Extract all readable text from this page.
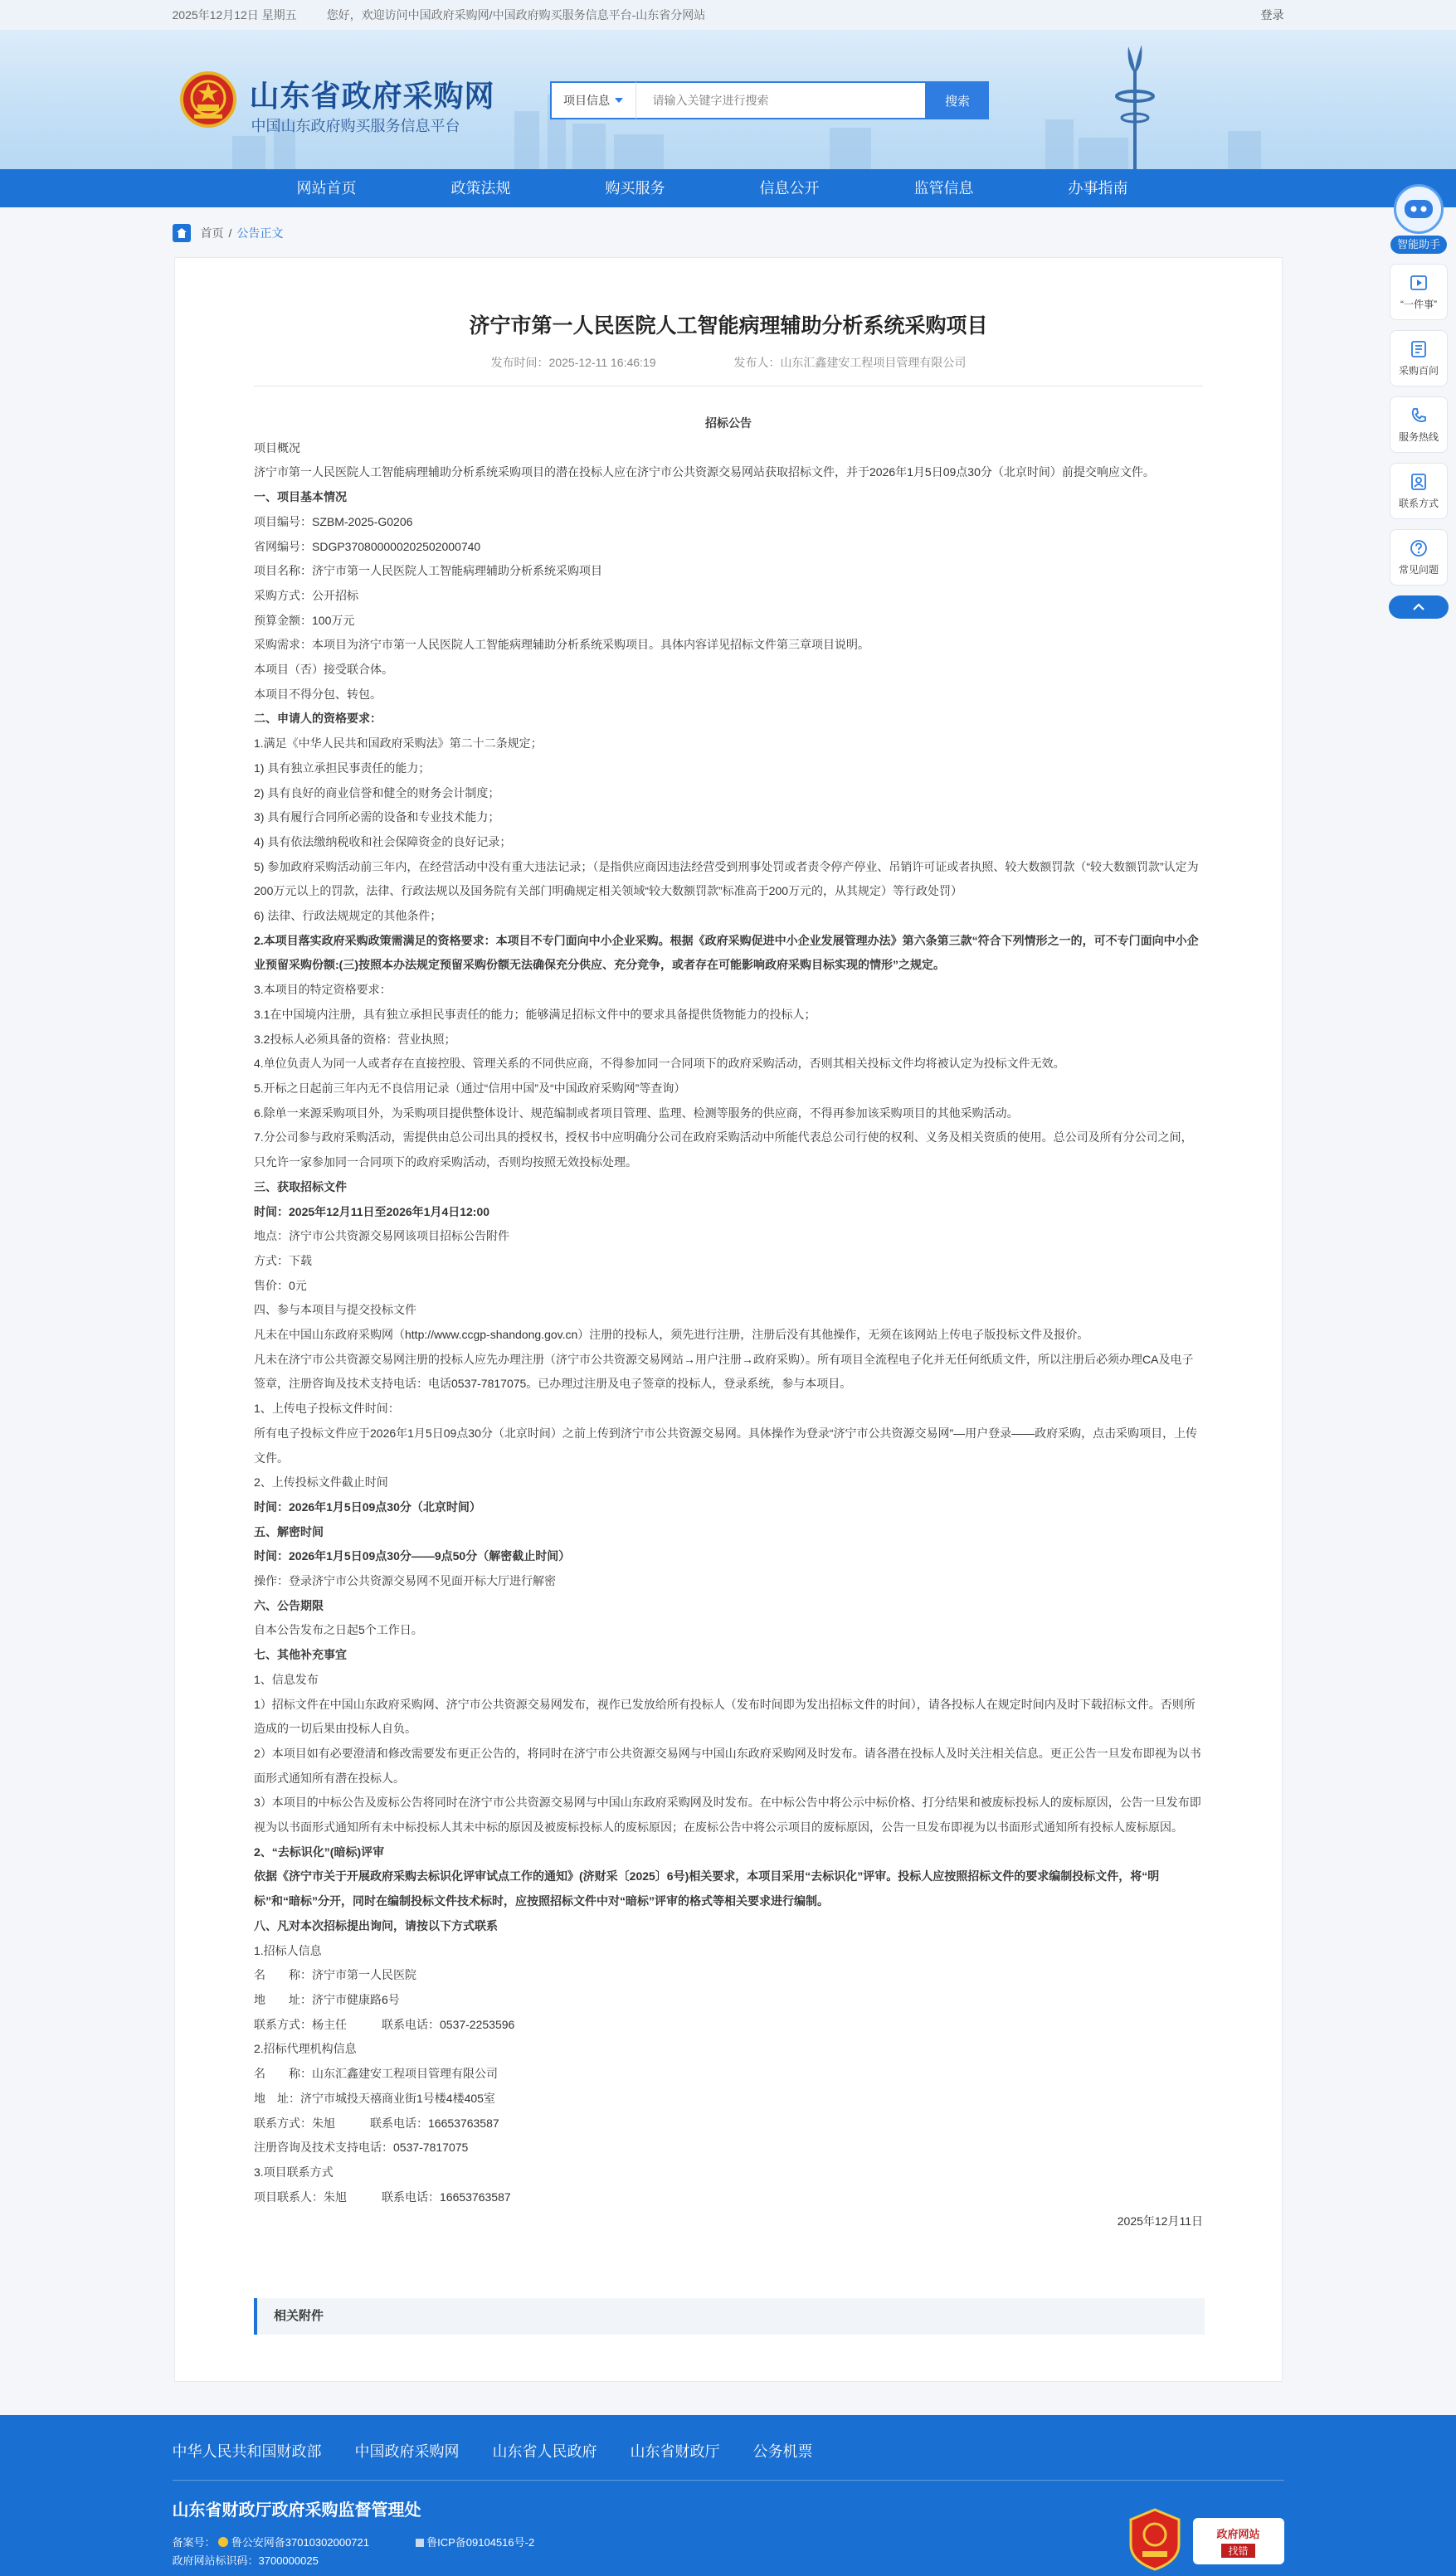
2025年12月12日 星期五	您好，欢迎访问中国政府采购网/中国政府购买服务信息平台-山东省分网站	登录
山东省政府采购网
中国山东政府购买服务信息平台
项目信息
请输入关键字进行搜索	搜索
网站首页	政策法规	购买服务	信息公开	监管信息	办事指南
首页 / 公告正文
济宁市第一人民医院人工智能病理辅助分析系统采购项目
发布时间：2025-12-11 16:46:19	发布人：山东汇鑫建安工程项目管理有限公司

招标公告

项目概况

济宁市第一人民医院人工智能病理辅助分析系统采购项目的潜在投标人应在济宁市公共资源交易网站获取招标文件，并于2026年1月5日09点30分（北京时间）前提交响应文件。

一、项目基本情况

项目编号：SZBM-2025-G0206

省网编号：SDGP370800000202502000740

项目名称：济宁市第一人民医院人工智能病理辅助分析系统采购项目

采购方式：公开招标

预算金额：100万元

采购需求：本项目为济宁市第一人民医院人工智能病理辅助分析系统采购项目。具体内容详见招标文件第三章项目说明。

本项目（否）接受联合体。

本项目不得分包、转包。

二、申请人的资格要求：

1.满足《中华人民共和国政府采购法》第二十二条规定；

1) 具有独立承担民事责任的能力；

2) 具有良好的商业信誉和健全的财务会计制度；

3) 具有履行合同所必需的设备和专业技术能力；

4) 具有依法缴纳税收和社会保障资金的良好记录；

5) 参加政府采购活动前三年内，在经营活动中没有重大违法记录；（是指供应商因违法经营受到刑事处罚或者责令停产停业、吊销许可证或者执照、较大数额罚款（“较大数额罚款”认定为200万元以上的罚款，法律、行政法规以及国务院有关部门明确规定相关领域“较大数额罚款”标准高于200万元的，从其规定）等行政处罚）

6) 法律、行政法规规定的其他条件；

2.本项目落实政府采购政策需满足的资格要求：本项目不专门面向中小企业采购。根据《政府采购促进中小企业发展管理办法》第六条第三款“符合下列情形之一的，可不专门面向中小企业预留采购份额:(三)按照本办法规定预留采购份额无法确保充分供应、充分竞争，或者存在可能影响政府采购目标实现的情形”之规定。

3.本项目的特定资格要求：

3.1在中国境内注册，具有独立承担民事责任的能力；能够满足招标文件中的要求具备提供货物能力的投标人；

3.2投标人必须具备的资格：营业执照；

4.单位负责人为同一人或者存在直接控股、管理关系的不同供应商，不得参加同一合同项下的政府采购活动，否则其相关投标文件均将被认定为投标文件无效。

5.开标之日起前三年内无不良信用记录（通过“信用中国”及“中国政府采购网”等查询）

6.除单一来源采购项目外，为采购项目提供整体设计、规范编制或者项目管理、监理、检测等服务的供应商，不得再参加该采购项目的其他采购活动。

7.分公司参与政府采购活动，需提供由总公司出具的授权书，授权书中应明确分公司在政府采购活动中所能代表总公司行使的权利、义务及相关资质的使用。总公司及所有分公司之间，只允许一家参加同一合同项下的政府采购活动，否则均按照无效投标处理。

三、获取招标文件

时间：2025年12月11日至2026年1月4日12:00

地点：济宁市公共资源交易网该项目招标公告附件

方式：下载

售价：0元

四、参与本项目与提交投标文件

凡未在中国山东政府采购网（http://www.ccgp-shandong.gov.cn）注册的投标人，须先进行注册，注册后没有其他操作，无须在该网站上传电子版投标文件及报价。

凡未在济宁市公共资源交易网注册的投标人应先办理注册（济宁市公共资源交易网站→用户注册→政府采购）。所有项目全流程电子化并无任何纸质文件，所以注册后必须办理CA及电子签章，注册咨询及技术支持电话：电话0537-7817075。已办理过注册及电子签章的投标人，登录系统，参与本项目。

1、上传电子投标文件时间：

所有电子投标文件应于2026年1月5日09点30分（北京时间）之前上传到济宁市公共资源交易网。具体操作为登录“济宁市公共资源交易网”—用户登录——政府采购，点击采购项目，上传文件。

2、上传投标文件截止时间

时间：2026年1月5日09点30分（北京时间）

五、解密时间

时间：2026年1月5日09点30分——9点50分（解密截止时间）

操作：登录济宁市公共资源交易网不见面开标大厅进行解密

六、公告期限

自本公告发布之日起5个工作日。

七、其他补充事宜

1、信息发布

1）招标文件在中国山东政府采购网、济宁市公共资源交易网发布，视作已发放给所有投标人（发布时间即为发出招标文件的时间），请各投标人在规定时间内及时下载招标文件。否则所造成的一切后果由投标人自负。

2）本项目如有必要澄清和修改需要发布更正公告的，将同时在济宁市公共资源交易网与中国山东政府采购网及时发布。请各潜在投标人及时关注相关信息。更正公告一旦发布即视为以书面形式通知所有潜在投标人。

3）本项目的中标公告及废标公告将同时在济宁市公共资源交易网与中国山东政府采购网及时发布。在中标公告中将公示中标价格、打分结果和被废标投标人的废标原因，公告一旦发布即视为以书面形式通知所有未中标投标人其未中标的原因及被废标投标人的废标原因；在废标公告中将公示项目的废标原因，公告一旦发布即视为以书面形式通知所有投标人废标原因。

2、“去标识化”(暗标)评审

依据《济宁市关于开展政府采购去标识化评审试点工作的通知》(济财采〔2025〕6号)相关要求，本项目采用“去标识化”评审。投标人应按照招标文件的要求编制投标文件，将“明标”和“暗标”分开，同时在编制投标文件技术标时，应按照招标文件中对“暗标”评审的格式等相关要求进行编制。

八、凡对本次招标提出询问，请按以下方式联系

1.招标人信息

名　　称：济宁市第一人民医院

地　　址：济宁市健康路6号

联系方式：杨主任　　　联系电话：0537-2253596

2.招标代理机构信息

名　　称：山东汇鑫建安工程项目管理有限公司

地　址：济宁市城投天禧商业街1号楼4楼405室

联系方式：朱旭　　　联系电话：16653763587

注册咨询及技术支持电话：0537-7817075

3.项目联系方式

项目联系人：朱旭　　　联系电话：16653763587

2025年12月11日

相关附件
智能助手
“一件事”
采购百问
服务热线
联系方式
常见问题
中华人民共和国财政部 中国政府采购网 山东省人民政府 山东省财政厅 公务机票
山东省财政厅政府采购监督管理处
备案号： 鲁公安网备37010302000721
政府网站标识码：3700000025
鲁ICP备09104516号-2
政府网站
找错
